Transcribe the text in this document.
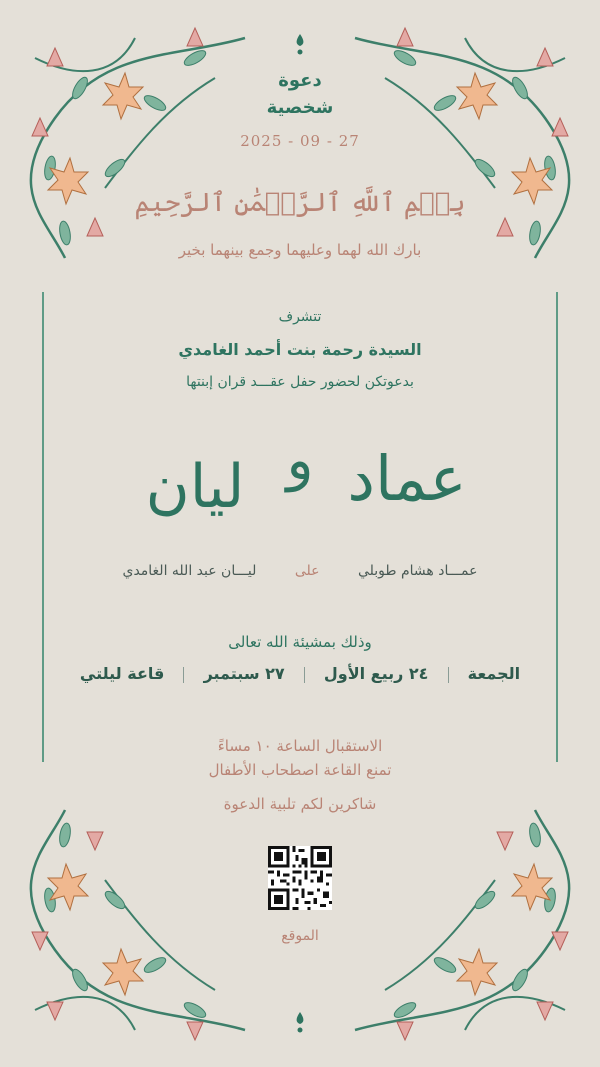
دعوة
شخصية
2025 - 09 - 27
بِسۡمِ ٱللَّهِ ٱلرَّحۡمَٰنِ ٱلرَّحِيمِ
بارك الله لهما وعليهما وجمع بينهما بخير
تتشرف
السيدة رحمة بنت أحمد الغامدي
بدعوتكن لحضور حفل عقـــد قران إبنتها
عماد
و
ليان
عمـــاد هشام طوبلي على ليـــان عبد الله الغامدي
وذلك بمشيئة الله تعالى
الجمعة  ٢٤ ربيع الأول  ٢٧ سبتمبر  قاعة ليلتي
الاستقبال الساعة ١٠ مساءً
تمنع القاعة اصطحاب الأطفال
شاكرين لكم تلبية الدعوة
الموقع
